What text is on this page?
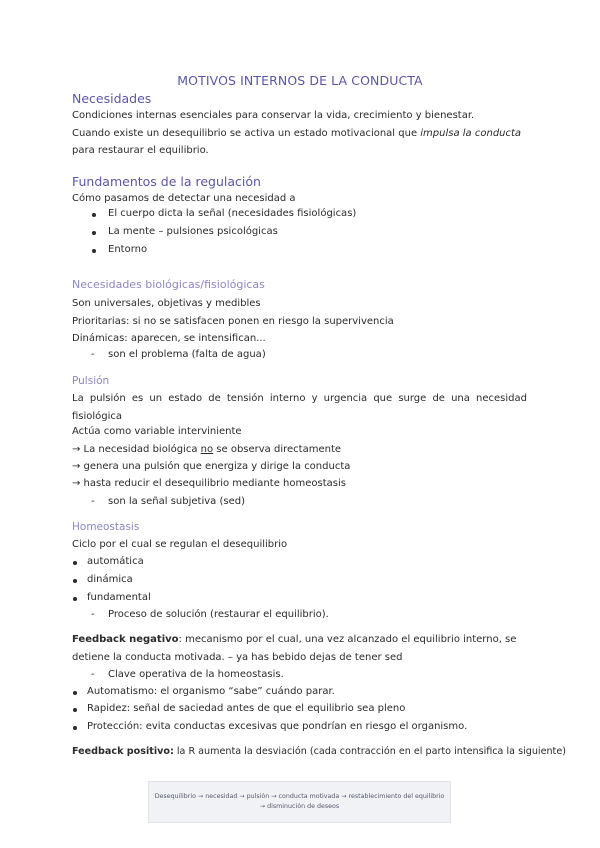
MOTIVOS INTERNOS DE LA CONDUCTA
Necesidades
Condiciones internas esenciales para conservar la vida, crecimiento y bienestar.
Cuando existe un desequilibrio se activa un estado motivacional que impulsa la conducta
para restaurar el equilibrio.
Fundamentos de la regulación
Cómo pasamos de detectar una necesidad a
El cuerpo dicta la señal (necesidades fisiológicas)
La mente – pulsiones psicológicas
Entorno
Necesidades biológicas/fisiológicas
Son universales, objetivas y medibles
Prioritarias: si no se satisfacen ponen en riesgo la supervivencia
Dinámicas: aparecen, se intensifican...
- son el problema (falta de agua)
Pulsión
La pulsión es un estado de tensión interno y urgencia que surge de una necesidad fisiológica
Actúa como variable interviniente
→ La necesidad biológica no se observa directamente
→ genera una pulsión que energiza y dirige la conducta
→ hasta reducir el desequilibrio mediante homeostasis
- son la señal subjetiva (sed)
Homeostasis
Ciclo por el cual se regulan el desequilibrio
automática
dinámica
fundamental
- Proceso de solución (restaurar el equilibrio).
Feedback negativo: mecanismo por el cual, una vez alcanzado el equilibrio interno, se
detiene la conducta motivada. – ya has bebido dejas de tener sed
- Clave operativa de la homeostasis.
Automatismo: el organismo “sabe” cuándo parar.
Rapidez: señal de saciedad antes de que el equilibrio sea pleno
Protección: evita conductas excesivas que pondrían en riesgo el organismo.
Feedback positivo: la R aumenta la desviación (cada contracción en el parto intensifica la siguiente)
Desequilibrio → necesidad → pulsión → conducta motivada → restablecimiento del equilibrio
→ disminución de deseos
